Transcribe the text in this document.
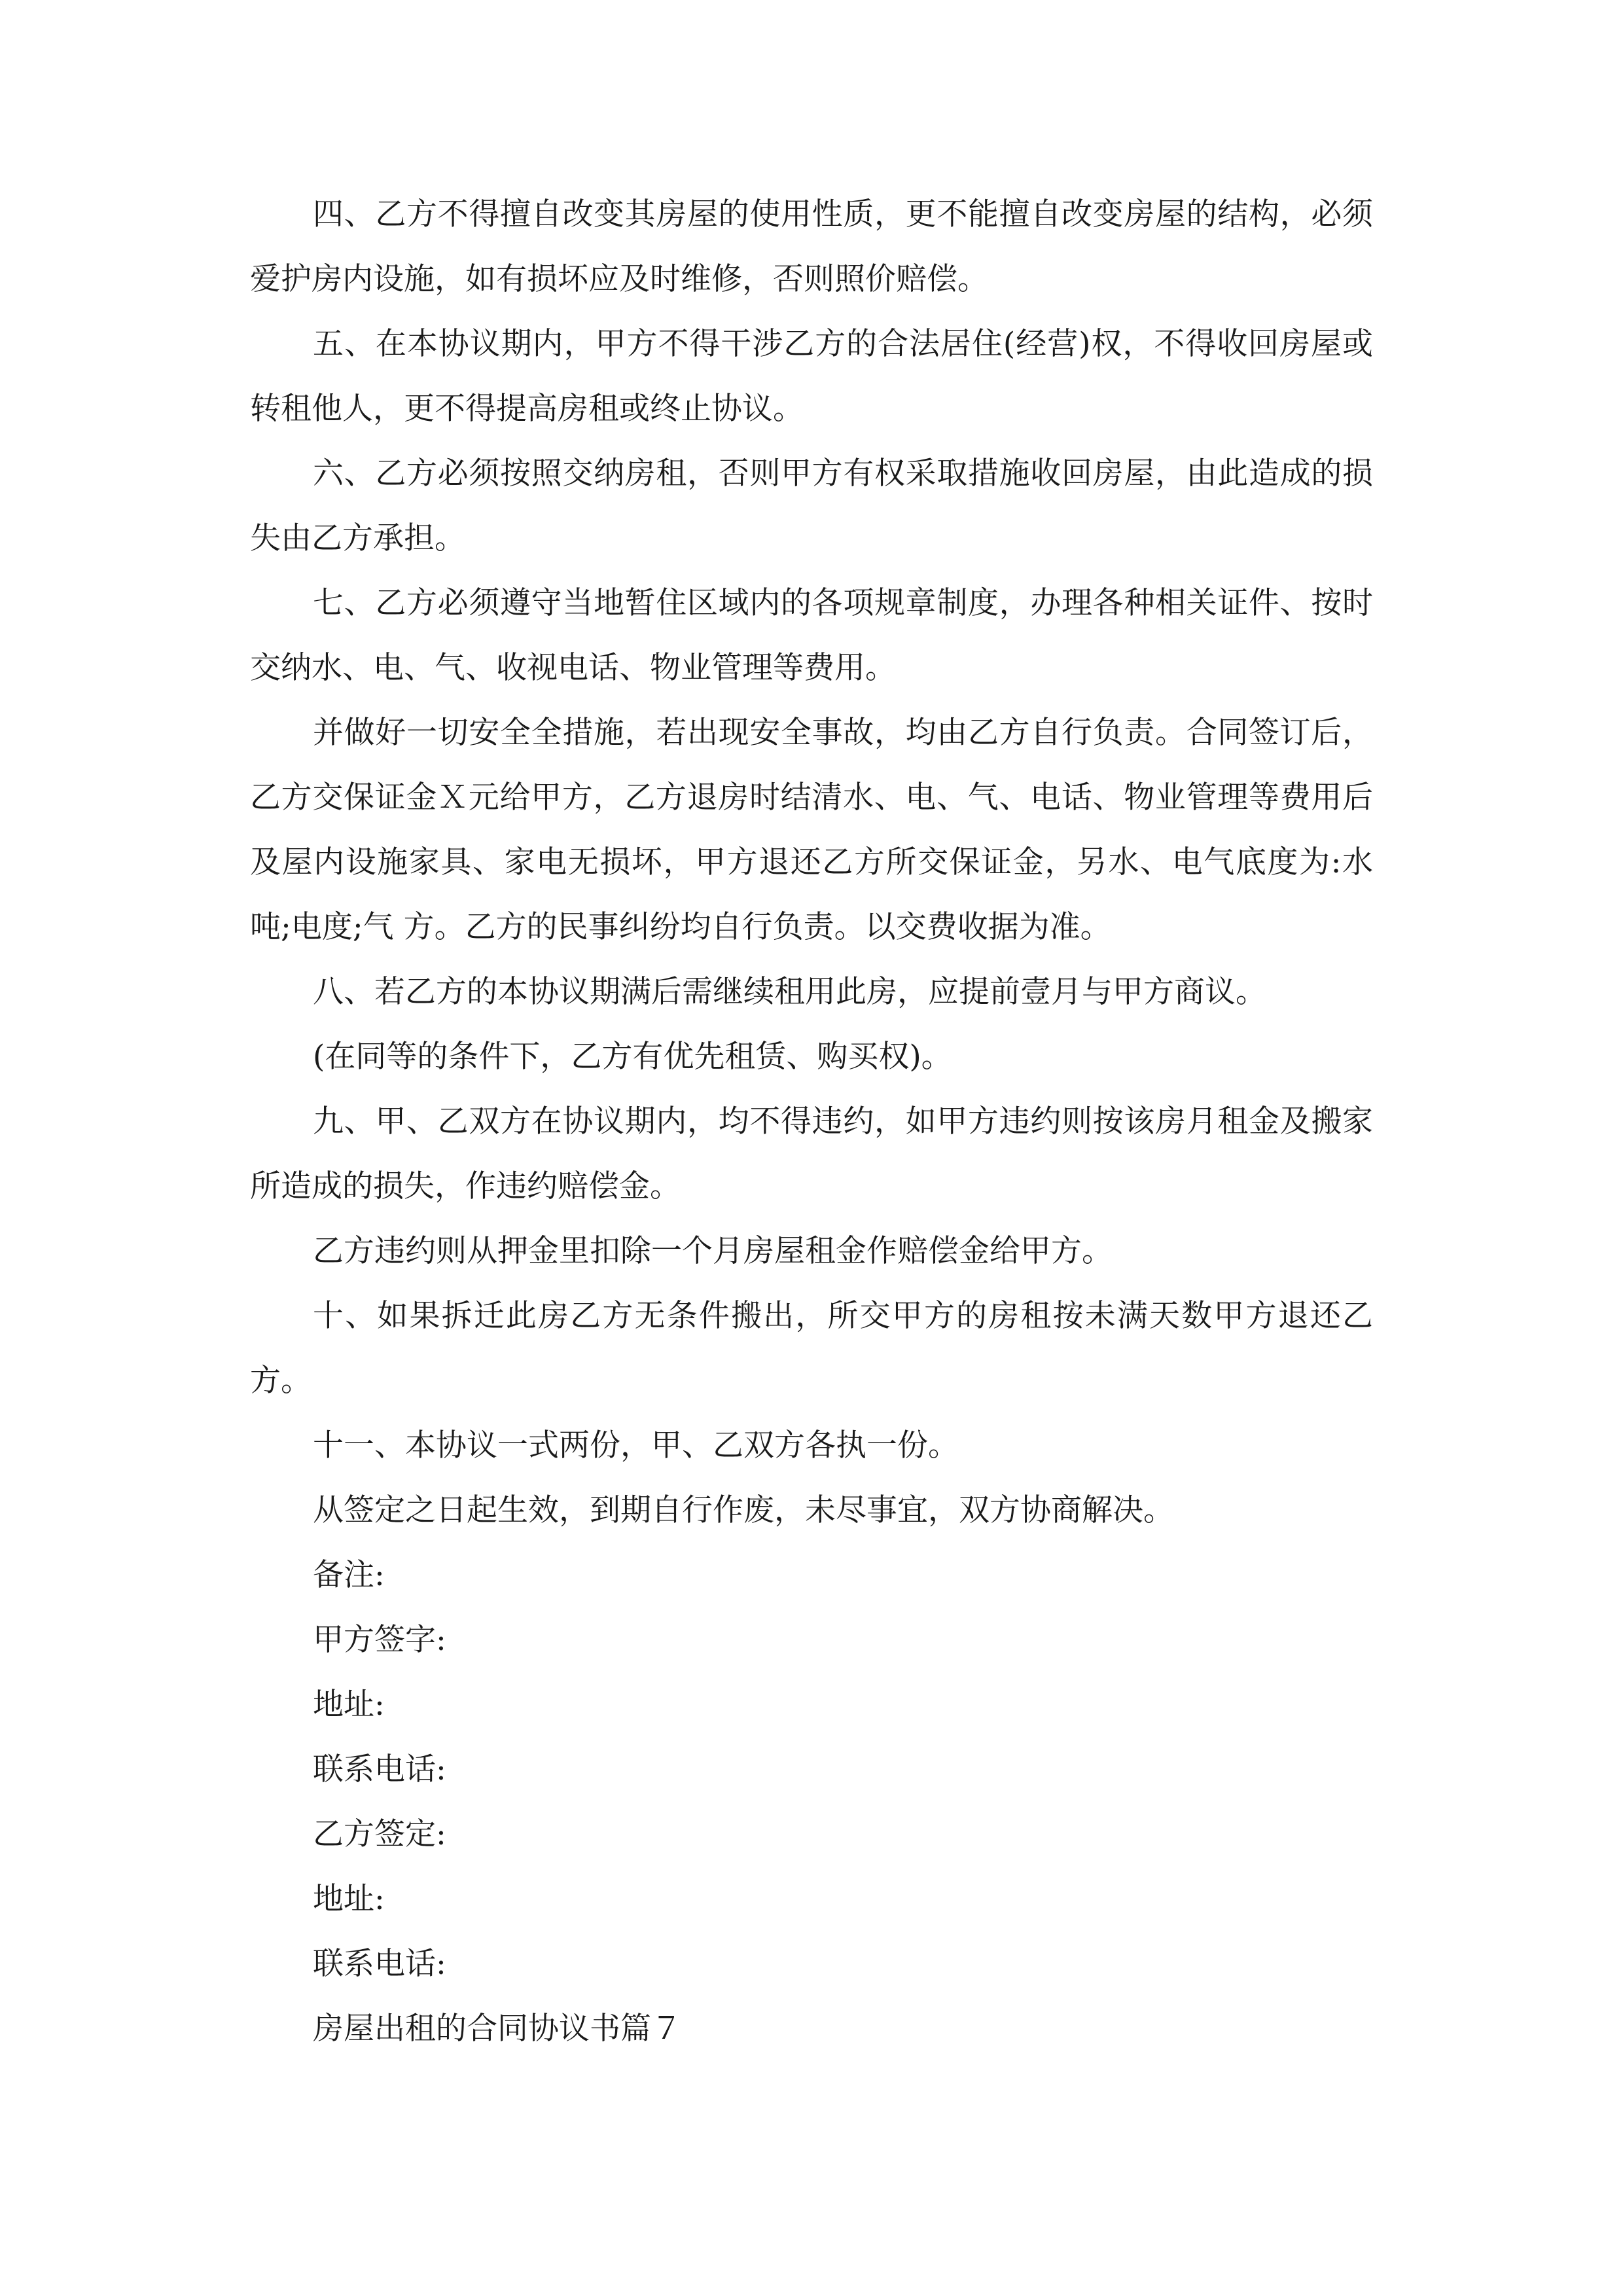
四、乙方不得擅自改变其房屋的使用性质，更不能擅自改变房屋的结构，必须爱护房内设施，如有损坏应及时维修，否则照价赔偿。

五、在本协议期内，甲方不得干涉乙方的合法居住(经营)权，不得收回房屋或转租他人，更不得提高房租或终止协议。

六、乙方必须按照交纳房租，否则甲方有权采取措施收回房屋，由此造成的损失由乙方承担。

七、乙方必须遵守当地暂住区域内的各项规章制度，办理各种相关证件、按时交纳水、电、气、收视电话、物业管理等费用。

并做好一切安全全措施，若出现安全事故，均由乙方自行负责。合同签订后，乙方交保证金Ｘ元给甲方，乙方退房时结清水、电、气、电话、物业管理等费用后及屋内设施家具、家电无损坏，甲方退还乙方所交保证金，另水、电气底度为:水吨;电度;气 方。乙方的民事纠纷均自行负责。以交费收据为准。

八、若乙方的本协议期满后需继续租用此房，应提前壹月与甲方商议。

(在同等的条件下，乙方有优先租赁、购买权)。

九、甲、乙双方在协议期内，均不得违约，如甲方违约则按该房月租金及搬家所造成的损失，作违约赔偿金。

乙方违约则从押金里扣除一个月房屋租金作赔偿金给甲方。

十、如果拆迁此房乙方无条件搬出，所交甲方的房租按未满天数甲方退还乙方。

十一、本协议一式两份，甲、乙双方各执一份。

从签定之日起生效，到期自行作废，未尽事宜，双方协商解决。

备注:

甲方签字:

地址:

联系电话:

乙方签定:

地址:

联系电话:

房屋出租的合同协议书篇７
